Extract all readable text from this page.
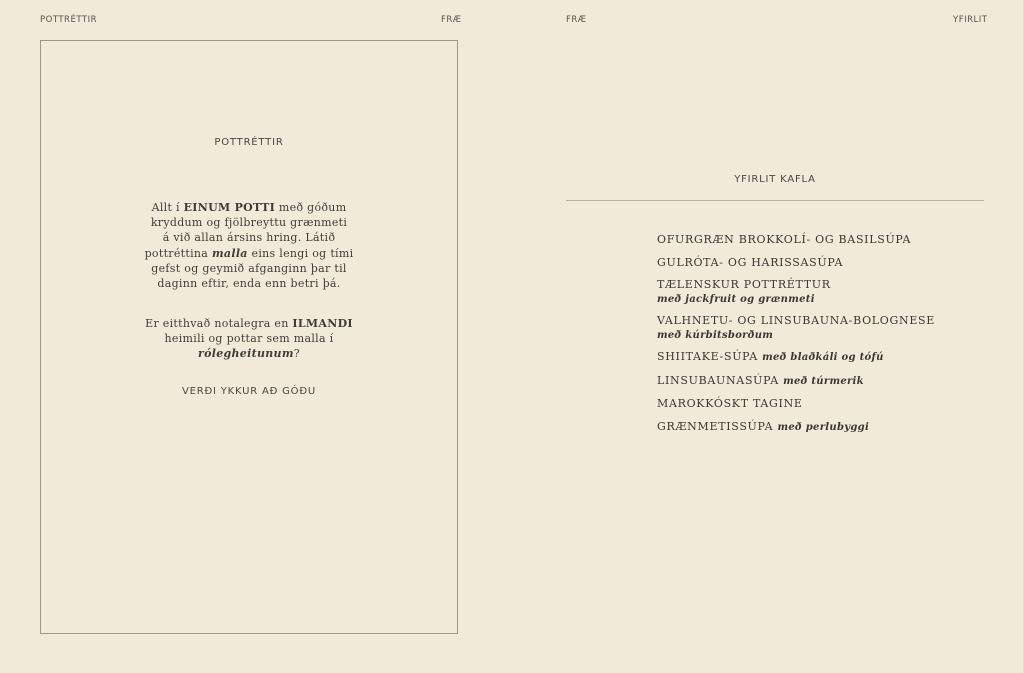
POTTRÉTTIR	FRÆ	FRÆ	YFIRLIT
POTTRÉTTIR

Allt í EINUM POTTI með góðum

kryddum og fjölbreyttu grænmeti

á við allan ársins hring. Látið

pottréttina malla eins lengi og tími

gefst og geymið afganginn þar til

daginn eftir, enda enn betri þá.

Er eitthvað notalegra en ILMANDI

heimili og pottar sem malla í

rólegheitunum?

VERÐI YKKUR AÐ GÓÐU
YFIRLIT KAFLA
OFURGRÆN BROKKOLÍ- OG BASILSÚPA
GULRÓTA- OG HARISSASÚPA
TÆLENSKUR POTTRÉTTUR
með jackfruit og grænmeti
VALHNETU- OG LINSUBAUNA-BOLOGNESE
með kúrbitsborðum
SHIITAKE-SÚPA með blaðkáli og tófú
LINSUBAUNASÚPA með túrmerik
MAROKKÓSKT TAGINE
GRÆNMETISSÚPA með perlubyggi
